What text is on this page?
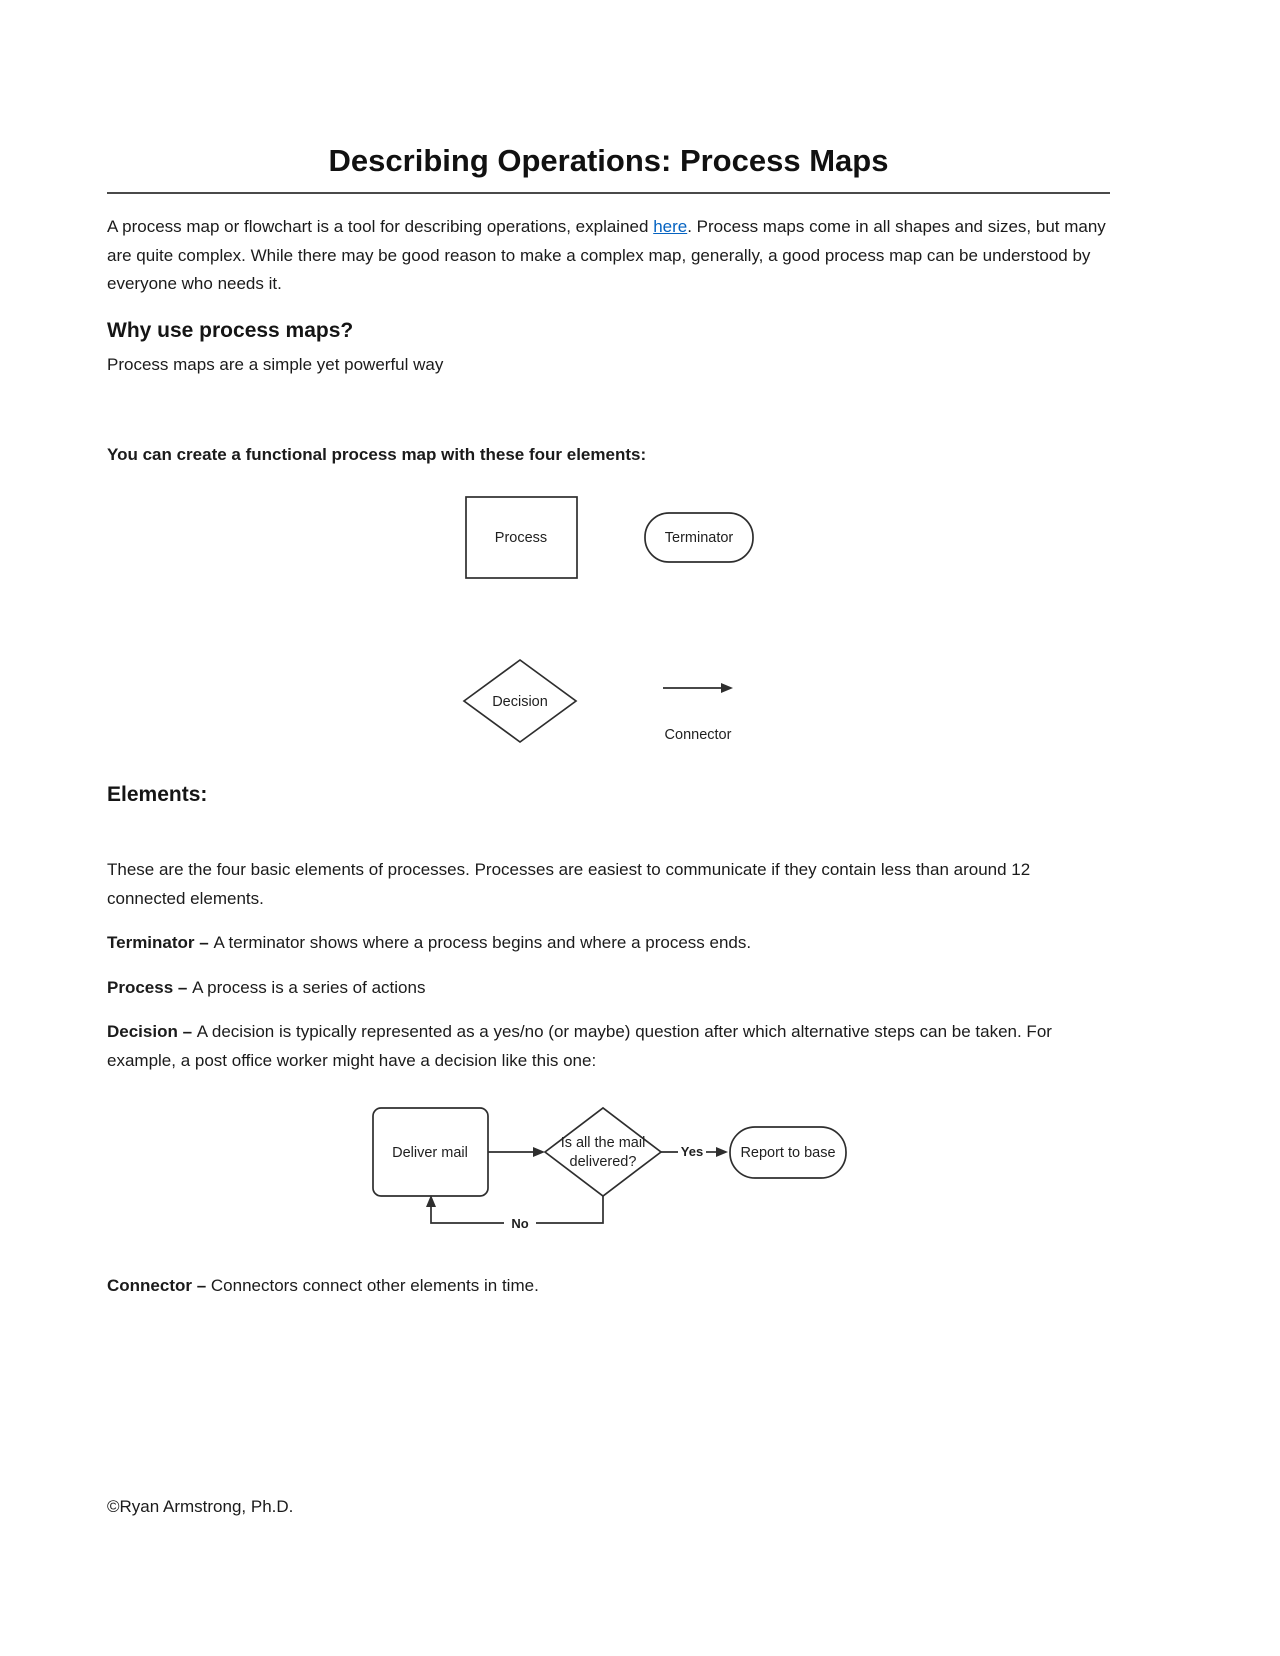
Describing Operations: Process Maps

A process map or flowchart is a tool for describing operations, explained here. Process maps come in all shapes and sizes, but many are quite complex. While there may be good reason to make a complex map, generally, a good process map can be understood by everyone who needs it.

Why use process maps?

Process maps are a simple yet powerful way

You can create a functional process map with these four elements:

Process	Terminator
Decision
Connector
Elements:

These are the four basic elements of processes. Processes are easiest to communicate if they contain less than around 12 connected elements.

Terminator – A terminator shows where a process begins and where a process ends.

Process – A process is a series of actions

Decision – A decision is typically represented as a yes/no (or maybe) question after which alternative steps can be taken. For example, a post office worker might have a decision like this one:

Deliver mail
Is all the mail
delivered?
Yes	Report to base
No

Connector – Connectors connect other elements in time.

©Ryan Armstrong, Ph.D.
